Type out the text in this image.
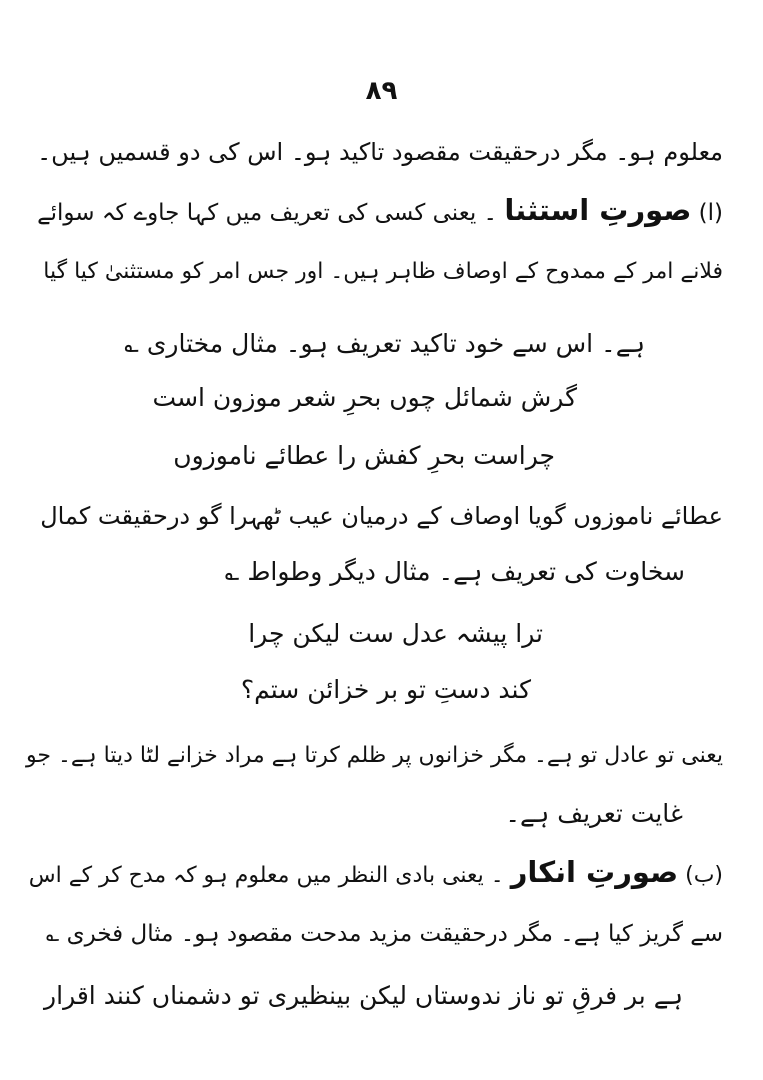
۸۹
معلوم ہو۔ مگر درحقیقت مقصود تاکید ہو۔ اس کی دو قسمیں ہیں۔
(ا) صورتِ استثنا ۔ یعنی کسی کی تعریف میں کہا جاوے کہ سوائے
فلانے امر کے ممدوح کے اوصاف ظاہر ہیں۔ اور جس امر کو مستثنیٰ کیا گیا
ہے۔ اس سے خود تاکید تعریف ہو۔ مثال مختاری ؎
گرش شمائل چوں بحرِ شعر موزون است
چراست بحرِ کفش را عطائے ناموزوں
عطائے ناموزوں گویا اوصاف کے درمیان عیب ٹھہرا گو درحقیقت کمال
سخاوت کی تعریف ہے۔ مثال دیگر وطواط ؎
ترا پیشہ عدل ست لیکن چرا
کند دستِ تو بر خزائن ستم؟
یعنی تو عادل تو ہے۔ مگر خزانوں پر ظلم کرتا ہے مراد خزانے لٹا دیتا ہے۔ جو
غایت تعریف ہے۔
(ب) صورتِ انکار ۔ یعنی بادی النظر میں معلوم ہو کہ مدح کر کے اس
سے گریز کیا ہے۔ مگر درحقیقت مزید مدحت مقصود ہو۔ مثال فخری ؎
ہے بر فرقِ تو ناز ندوستاں لیکن بینظیری تو دشمناں کنند اقرار
